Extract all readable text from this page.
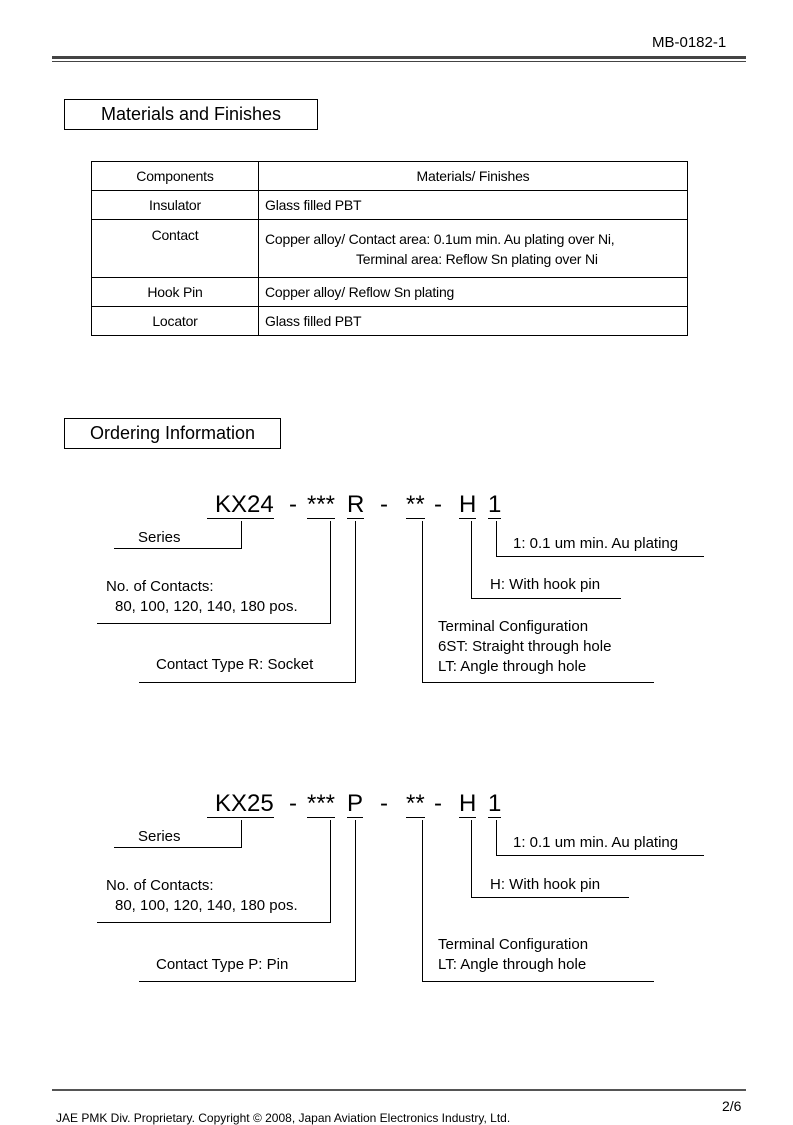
MB-0182-1
Materials and Finishes
Components	Materials/ Finishes
Insulator	Glass filled PBT
Contact	Copper alloy/ Contact area: 0.1um min. Au plating over Ni,
Terminal area: Reflow Sn plating over Ni

Hook Pin	Copper alloy/ Reflow Sn plating
Locator	Glass filled PBT
Ordering Information
KX24 - *** R - ** - H 1
Series
No. of Contacts:
80, 100, 120, 140, 180 pos.
Contact Type R: Socket
Terminal Configuration
6ST: Straight through hole
LT: Angle through hole
H: With hook pin
1: 0.1 um min. Au plating
KX25 - *** P - ** - H 1
Series
No. of Contacts:
80, 100, 120, 140, 180 pos.
Contact Type P: Pin
Terminal Configuration
LT: Angle through hole
H: With hook pin
1: 0.1 um min. Au plating
2/6
JAE PMK Div. Proprietary. Copyright © 2008, Japan Aviation Electronics Industry, Ltd.
